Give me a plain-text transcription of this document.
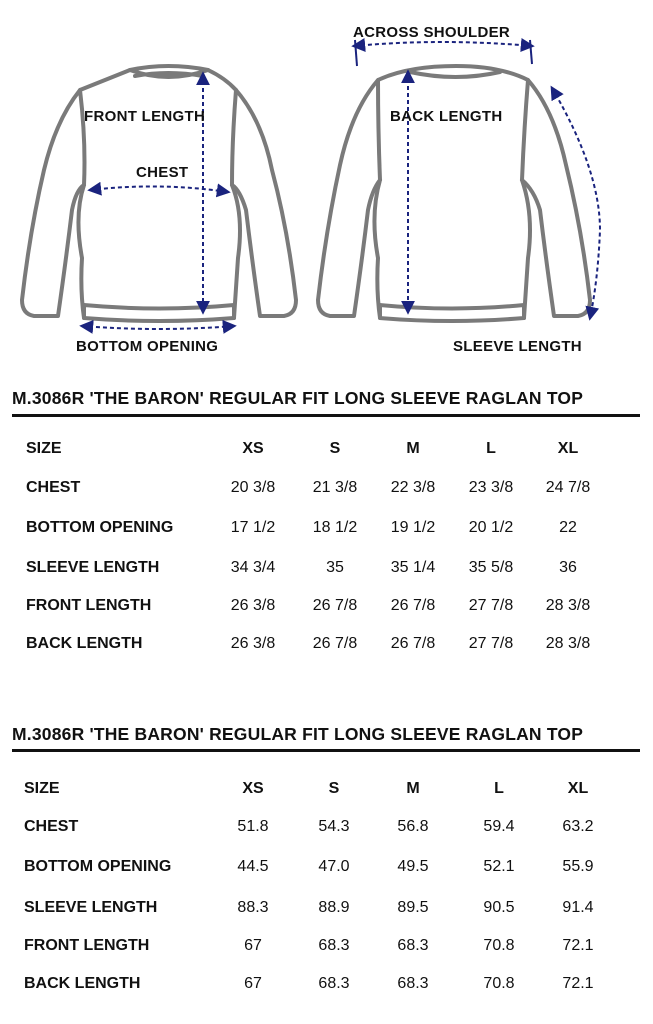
FRONT LENGTH
CHEST
BOTTOM OPENING
ACROSS SHOULDER
BACK LENGTH
SLEEVE LENGTH
M.3086R 'THE BARON' REGULAR FIT LONG SLEEVE RAGLAN TOP
SIZE	XS	S	M	L	XL
CHEST	20 3/8	21 3/8	22 3/8	23 3/8	24 7/8
BOTTOM OPENING	17 1/2	18 1/2	19 1/2	20 1/2	22
SLEEVE LENGTH	34 3/4	35	35 1/4	35 5/8	36
FRONT LENGTH	26 3/8	26 7/8	26 7/8	27 7/8	28 3/8
BACK LENGTH	26 3/8	26 7/8	26 7/8	27 7/8	28 3/8
M.3086R 'THE BARON' REGULAR FIT LONG SLEEVE RAGLAN TOP
SIZE	XS	S	M	L	XL
CHEST	51.8	54.3	56.8	59.4	63.2
BOTTOM OPENING	44.5	47.0	49.5	52.1	55.9
SLEEVE LENGTH	88.3	88.9	89.5	90.5	91.4
FRONT LENGTH	67	68.3	68.3	70.8	72.1
BACK LENGTH	67	68.3	68.3	70.8	72.1
